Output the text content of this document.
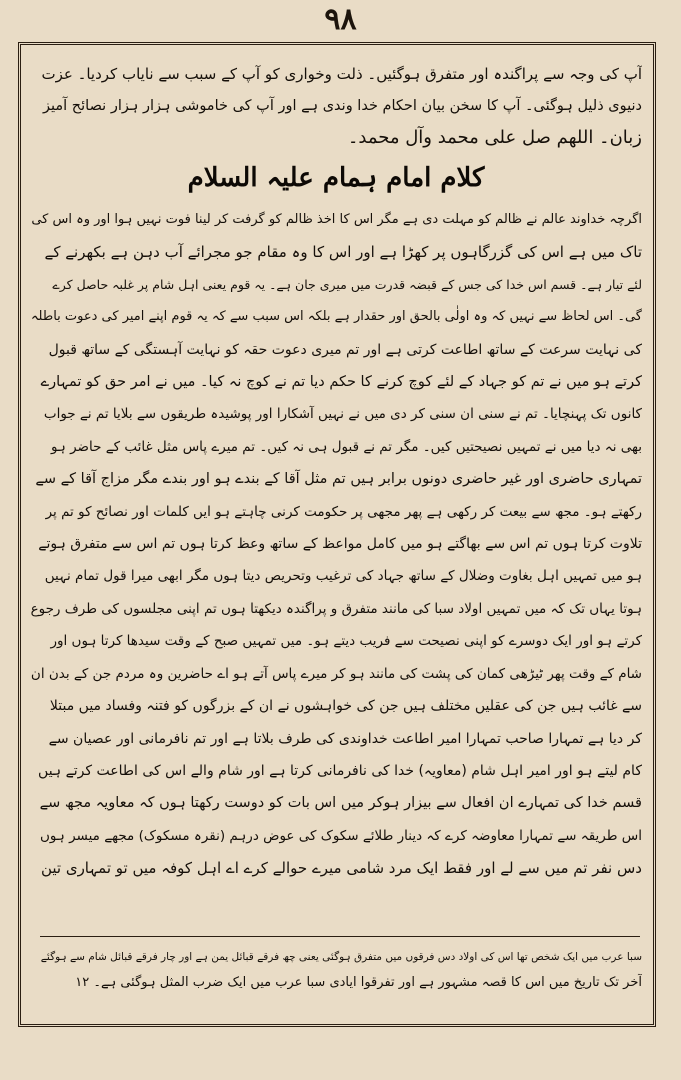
۹۸
آپ کی وجہ سے پراگندہ اور متفرق ہوگئیں۔ ذلت وخواری کو آپ کے سبب سے نایاب کردیا۔ عزت
دنیوی ذلیل ہوگئی۔ آپ کا سخن بیان احکام خدا وندی ہے اور آپ کی خاموشی ہزار ہزار نصائح آمیز
زبان۔ اللھم صل علی محمد وآل محمد۔
کلام امام ہمام علیہ السلام
اگرچہ خداوند عالم نے ظالم کو مہلت دی ہے مگر اس کا اخذ ظالم کو گرفت کر لینا فوت نہیں ہوا اور وہ اس کی
تاک میں ہے اس کی گزرگاہوں پر کھڑا ہے اور اس کا وہ مقام جو مجرائے آب دہن ہے بکھرنے کے
لئے تیار ہے۔ قسم اس خدا کی جس کے قبضہ قدرت میں میری جان ہے۔ یہ قوم یعنی اہل شام پر غلبہ حاصل کرے
گی۔ اس لحاظ سے نہیں کہ وہ اولٰی بالحق اور حقدار ہے بلکہ اس سبب سے کہ یہ قوم اپنے امیر کی دعوت باطلہ
کی نہایت سرعت کے ساتھ اطاعت کرتی ہے اور تم میری دعوت حقہ کو نہایت آہستگی کے ساتھ قبول
کرتے ہو میں نے تم کو جہاد کے لئے کوچ کرنے کا حکم دیا تم نے کوچ نہ کیا۔ میں نے امر حق کو تمہارے
کانوں تک پہنچایا۔ تم نے سنی ان سنی کر دی میں نے نہیں آشکارا اور پوشیدہ طریقوں سے بلایا تم نے جواب
بھی نہ دیا میں نے تمہیں نصیحتیں کیں۔ مگر تم نے قبول ہی نہ کیں۔ تم میرے پاس مثل غائب کے حاضر ہو
تمہاری حاضری اور غیر حاضری دونوں برابر ہیں تم مثل آقا کے بندے ہو اور بندے مگر مزاج آقا کے سے
رکھتے ہو۔ مجھ سے بیعت کر رکھی ہے پھر مجھی پر حکومت کرنی چاہتے ہو ایں کلمات اور نصائح کو تم پر
تلاوت کرتا ہوں تم اس سے بھاگتے ہو میں کامل مواعظ کے ساتھ وعظ کرتا ہوں تم اس سے متفرق ہوتے
ہو میں تمہیں اہل بغاوت وضلال کے ساتھ جہاد کی ترغیب وتحریص دیتا ہوں مگر ابھی میرا قول تمام نہیں
ہوتا یہاں تک کہ میں تمہیں اولاد سبا کی مانند متفرق و پراگندہ دیکھتا ہوں تم اپنی مجلسوں کی طرف رجوع
کرتے ہو اور ایک دوسرے کو اپنی نصیحت سے فریب دیتے ہو۔ میں تمہیں صبح کے وقت سیدھا کرتا ہوں اور
شام کے وقت پھر ٹیڑھی کمان کی پشت کی مانند ہو کر میرے پاس آتے ہو اے حاضرین وہ مردم جن کے بدن ان
سے غائب ہیں جن کی عقلیں مختلف ہیں جن کی خواہشوں نے ان کے بزرگوں کو فتنہ وفساد میں مبتلا
کر دیا ہے تمہارا صاحب تمہارا امیر اطاعت خداوندی کی طرف بلاتا ہے اور تم نافرمانی اور عصیان سے
کام لیتے ہو اور امیر اہل شام (معاویہ) خدا کی نافرمانی کرتا ہے اور شام والے اس کی اطاعت کرتے ہیں
قسم خدا کی تمہارے ان افعال سے بیزار ہوکر میں اس بات کو دوست رکھتا ہوں کہ معاویہ مجھ سے
اس طریقہ سے تمہارا معاوضہ کرے کہ دینار طلائے سکوک کی عوض درہم (نقرہ مسکوک) مجھے میسر ہوں
دس نفر تم میں سے لے اور فقط ایک مرد شامی میرے حوالے کرے اے اہل کوفہ میں تو تمہاری تین
سبا عرب میں ایک شخص تھا اس کی اولاد دس فرقوں میں متفرق ہوگئی یعنی چھ فرقے قبائل یمن ہے اور چار فرقے قبائل شام سے ہوگئے
آخر تک تاریخ میں اس کا قصہ مشہور ہے اور تفرقوا ایادی سبا عرب میں ایک ضرب المثل ہوگئی ہے۔ ۱۲
